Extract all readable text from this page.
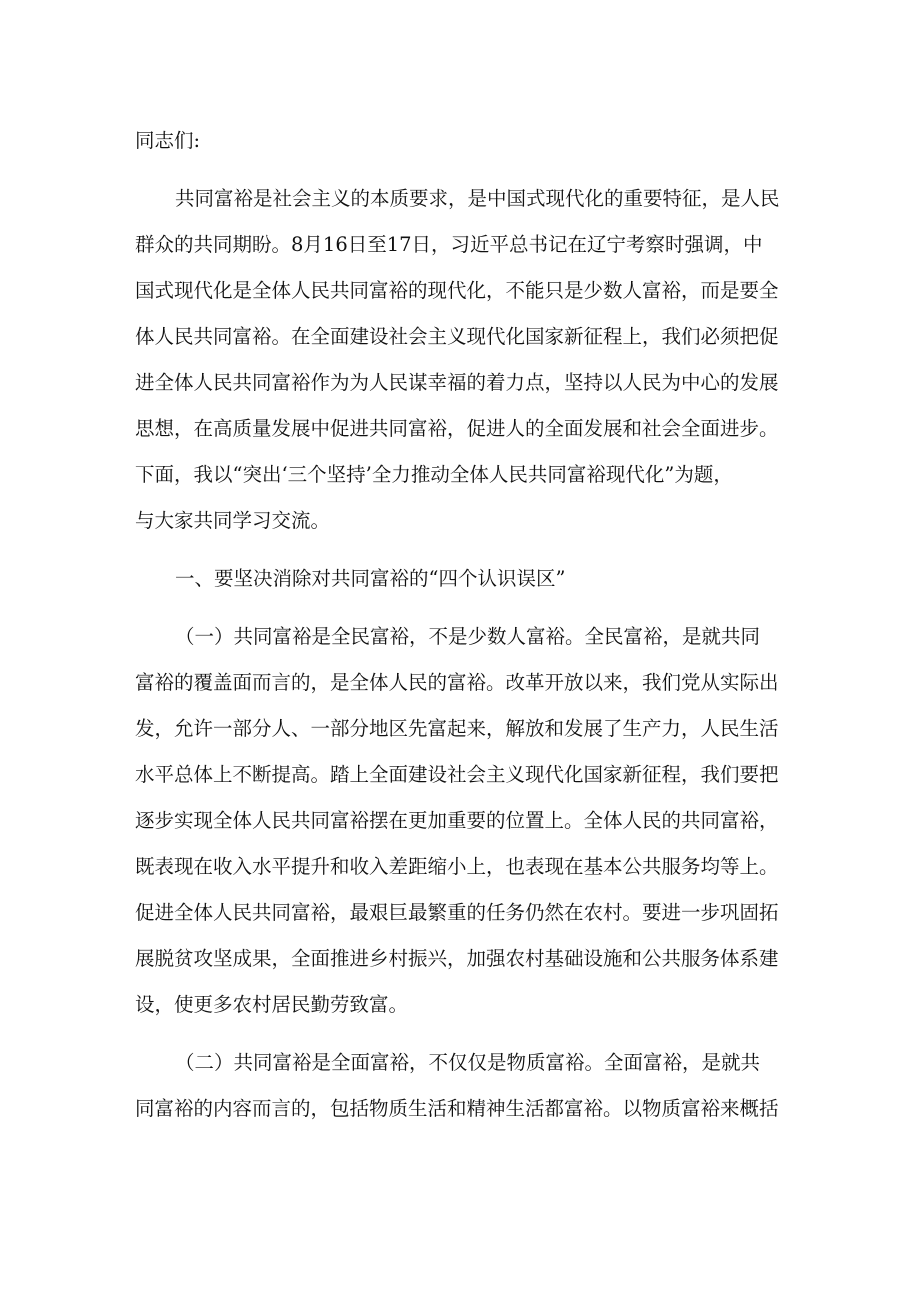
同志们:

共同富裕是社会主义的本质要求，是中国式现代化的重要特征，是人民

群众的共同期盼。8月16日至17日，习近平总书记在辽宁考察时强调，中

国式现代化是全体人民共同富裕的现代化，不能只是少数人富裕，而是要全

体人民共同富裕。在全面建设社会主义现代化国家新征程上，我们必须把促

进全体人民共同富裕作为为人民谋幸福的着力点，坚持以人民为中心的发展

思想，在高质量发展中促进共同富裕，促进人的全面发展和社会全面进步。

下面，我以“突出‘三个坚持’全力推动全体人民共同富裕现代化”为题，

与大家共同学习交流。

一、要坚决消除对共同富裕的“四个认识误区”

（一）共同富裕是全民富裕，不是少数人富裕。全民富裕，是就共同

富裕的覆盖面而言的，是全体人民的富裕。改革开放以来，我们党从实际出

发，允许一部分人、一部分地区先富起来，解放和发展了生产力，人民生活

水平总体上不断提高。踏上全面建设社会主义现代化国家新征程，我们要把

逐步实现全体人民共同富裕摆在更加重要的位置上。全体人民的共同富裕，

既表现在收入水平提升和收入差距缩小上，也表现在基本公共服务均等上。

促进全体人民共同富裕，最艰巨最繁重的任务仍然在农村。要进一步巩固拓

展脱贫攻坚成果，全面推进乡村振兴，加强农村基础设施和公共服务体系建

设，使更多农村居民勤劳致富。

（二）共同富裕是全面富裕，不仅仅是物质富裕。全面富裕，是就共

同富裕的内容而言的，包括物质生活和精神生活都富裕。以物质富裕来概括
